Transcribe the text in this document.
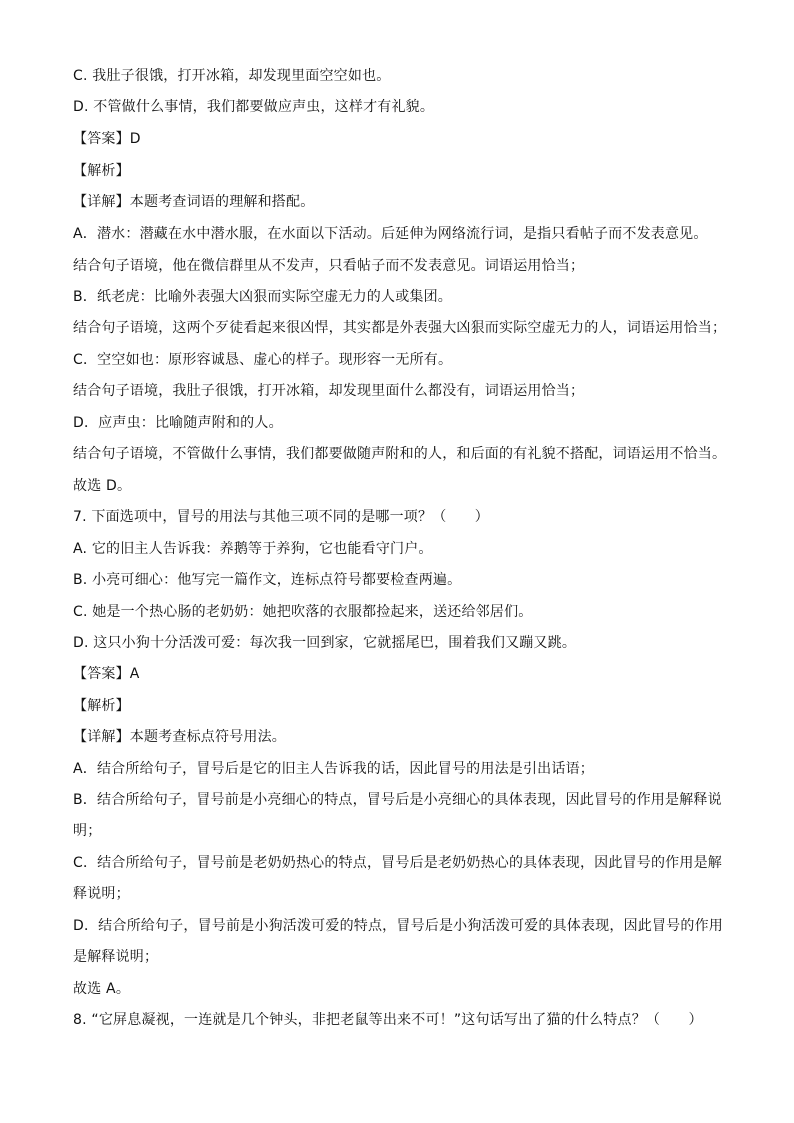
C. 我肚子很饿，打开冰箱，却发现里面空空如也。
D. 不管做什么事情，我们都要做应声虫，这样才有礼貌。
【答案】D
【解析】
【详解】本题考查词语的理解和搭配。
A．潜水：潜藏在水中潜水服，在水面以下活动。后延伸为网络流行词，是指只看帖子而不发表意见。
结合句子语境，他在微信群里从不发声，只看帖子而不发表意见。词语运用恰当；
B．纸老虎：比喻外表强大凶狠而实际空虚无力的人或集团。
结合句子语境，这两个歹徒看起来很凶悍，其实都是外表强大凶狠而实际空虚无力的人，词语运用恰当；
C．空空如也：原形容诚恳、虚心的样子。现形容一无所有。
结合句子语境，我肚子很饿，打开冰箱，却发现里面什么都没有，词语运用恰当；
D．应声虫：比喻随声附和的人。
结合句子语境，不管做什么事情，我们都要做随声附和的人，和后面的有礼貌不搭配，词语运用不恰当。
故选 D。
7. 下面选项中，冒号的用法与其他三项不同的是哪一项？（　　）
A. 它的旧主人告诉我：养鹅等于养狗，它也能看守门户。
B. 小亮可细心：他写完一篇作文，连标点符号都要检查两遍。
C. 她是一个热心肠的老奶奶：她把吹落的衣服都捡起来，送还给邻居们。
D. 这只小狗十分活泼可爱：每次我一回到家，它就摇尾巴，围着我们又蹦又跳。
【答案】A
【解析】
【详解】本题考查标点符号用法。
A．结合所给句子，冒号后是它的旧主人告诉我的话，因此冒号的用法是引出话语；
B．结合所给句子，冒号前是小亮细心的特点，冒号后是小亮细心的具体表现，因此冒号的作用是解释说
明；
C．结合所给句子，冒号前是老奶奶热心的特点，冒号后是老奶奶热心的具体表现，因此冒号的作用是解
释说明；
D．结合所给句子，冒号前是小狗活泼可爱的特点，冒号后是小狗活泼可爱的具体表现，因此冒号的作用
是解释说明；
故选 A。
8. “它屏息凝视，一连就是几个钟头，非把老鼠等出来不可！”这句话写出了猫的什么特点？（　　）
